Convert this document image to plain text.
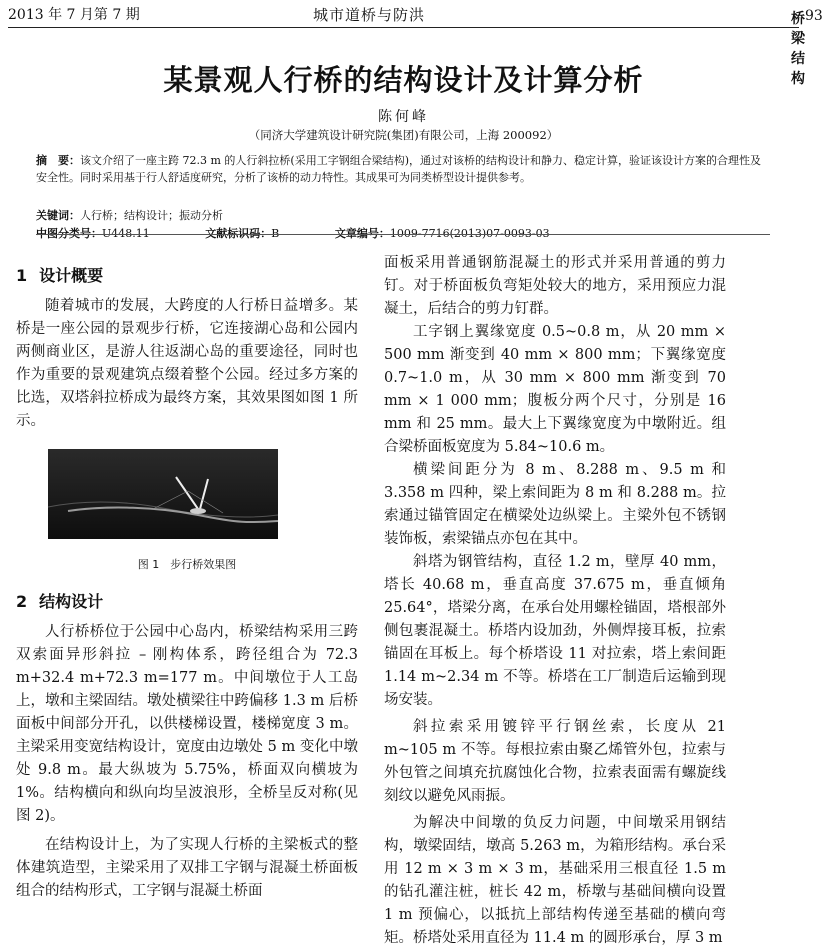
2013 年 7 月第 7 期	城市道桥与防洪	桥梁结构
93
某景观人行桥的结构设计及计算分析
陈何峰
（同济大学建筑设计研究院(集团)有限公司，上海 200092）
摘　要：该文介绍了一座主跨 72.3 m 的人行斜拉桥(采用工字钢组合梁结构)，通过对该桥的结构设计和静力、稳定计算，验证该设计方案的合理性及安全性。同时采用基于行人舒适度研究，分析了该桥的动力特性。其成果可为同类桥型设计提供参考。
关键词：人行桥；结构设计；振动分析
中图分类号：U448.11	文献标识码：B	文章编号：1009-7716(2013)07-0093-03
1 设计概要

随着城市的发展，大跨度的人行桥日益增多。某桥是一座公园的景观步行桥，它连接湖心岛和公园内两侧商业区，是游人往返湖心岛的重要途径，同时也作为重要的景观建筑点缀着整个公园。经过多方案的比选，双塔斜拉桥成为最终方案，其效果图如图 1 所示。

图 1　步行桥效果图
2 结构设计

人行桥桥位于公园中心岛内，桥梁结构采用三跨双索面异形斜拉 – 刚构体系，跨径组合为 72.3 m+32.4 m+72.3 m=177 m。中间墩位于人工岛上，墩和主梁固结。墩处横梁往中跨偏移 1.3 m 后桥面板中间部分开孔，以供楼梯设置，楼梯宽度 3 m。主梁采用变宽结构设计，宽度由边墩处 5 m 变化中墩处 9.8 m。最大纵坡为 5.75%，桥面双向横坡为 1%。结构横向和纵向均呈波浪形，全桥呈反对称(见图 2)。

在结构设计上，为了实现人行桥的主梁板式的整体建筑造型，主梁采用了双排工字钢与混凝土桥面板组合的结构形式，工字钢与混凝土桥面

面板采用普通钢筋混凝土的形式并采用普通的剪力钉。对于桥面板负弯矩处较大的地方，采用预应力混凝土，后结合的剪力钉群。

工字钢上翼缘宽度 0.5~0.8 m，从 20 mm × 500 mm 渐变到 40 mm × 800 mm；下翼缘宽度 0.7~1.0 m，从 30 mm × 800 mm 渐变到 70 mm × 1 000 mm；腹板分两个尺寸，分别是 16 mm 和 25 mm。最大上下翼缘宽度为中墩附近。组合梁桥面板宽度为 5.84~10.6 m。

横梁间距分为 8 m、8.288 m、9.5 m 和 3.358 m 四种，梁上索间距为 8 m 和 8.288 m。拉索通过锚管固定在横梁处边纵梁上。主梁外包不锈钢装饰板，索梁锚点亦包在其中。

斜塔为钢管结构，直径 1.2 m，壁厚 40 mm，塔长 40.68 m，垂直高度 37.675 m，垂直倾角 25.64°，塔梁分离，在承台处用螺栓锚固，塔根部外侧包裹混凝土。桥塔内设加劲，外侧焊接耳板，拉索锚固在耳板上。每个桥塔设 11 对拉索，塔上索间距 1.14 m~2.34 m 不等。桥塔在工厂制造后运输到现场安装。

斜拉索采用镀锌平行钢丝索，长度从 21 m~105 m 不等。每根拉索由聚乙烯管外包，拉索与外包管之间填充抗腐蚀化合物，拉索表面需有螺旋线刻纹以避免风雨振。

为解决中间墩的负反力问题，中间墩采用钢结构，墩梁固结，墩高 5.263 m，为箱形结构。承台采用 12 m × 3 m × 3 m，基础采用三根直径 1.5 m 的钻孔灌注桩，桩长 42 m，桥墩与基础间横向设置 1 m 预偏心，以抵抗上部结构传递至基础的横向弯矩。桥塔处采用直径为 11.4 m 的圆形承台，厚 3 m
